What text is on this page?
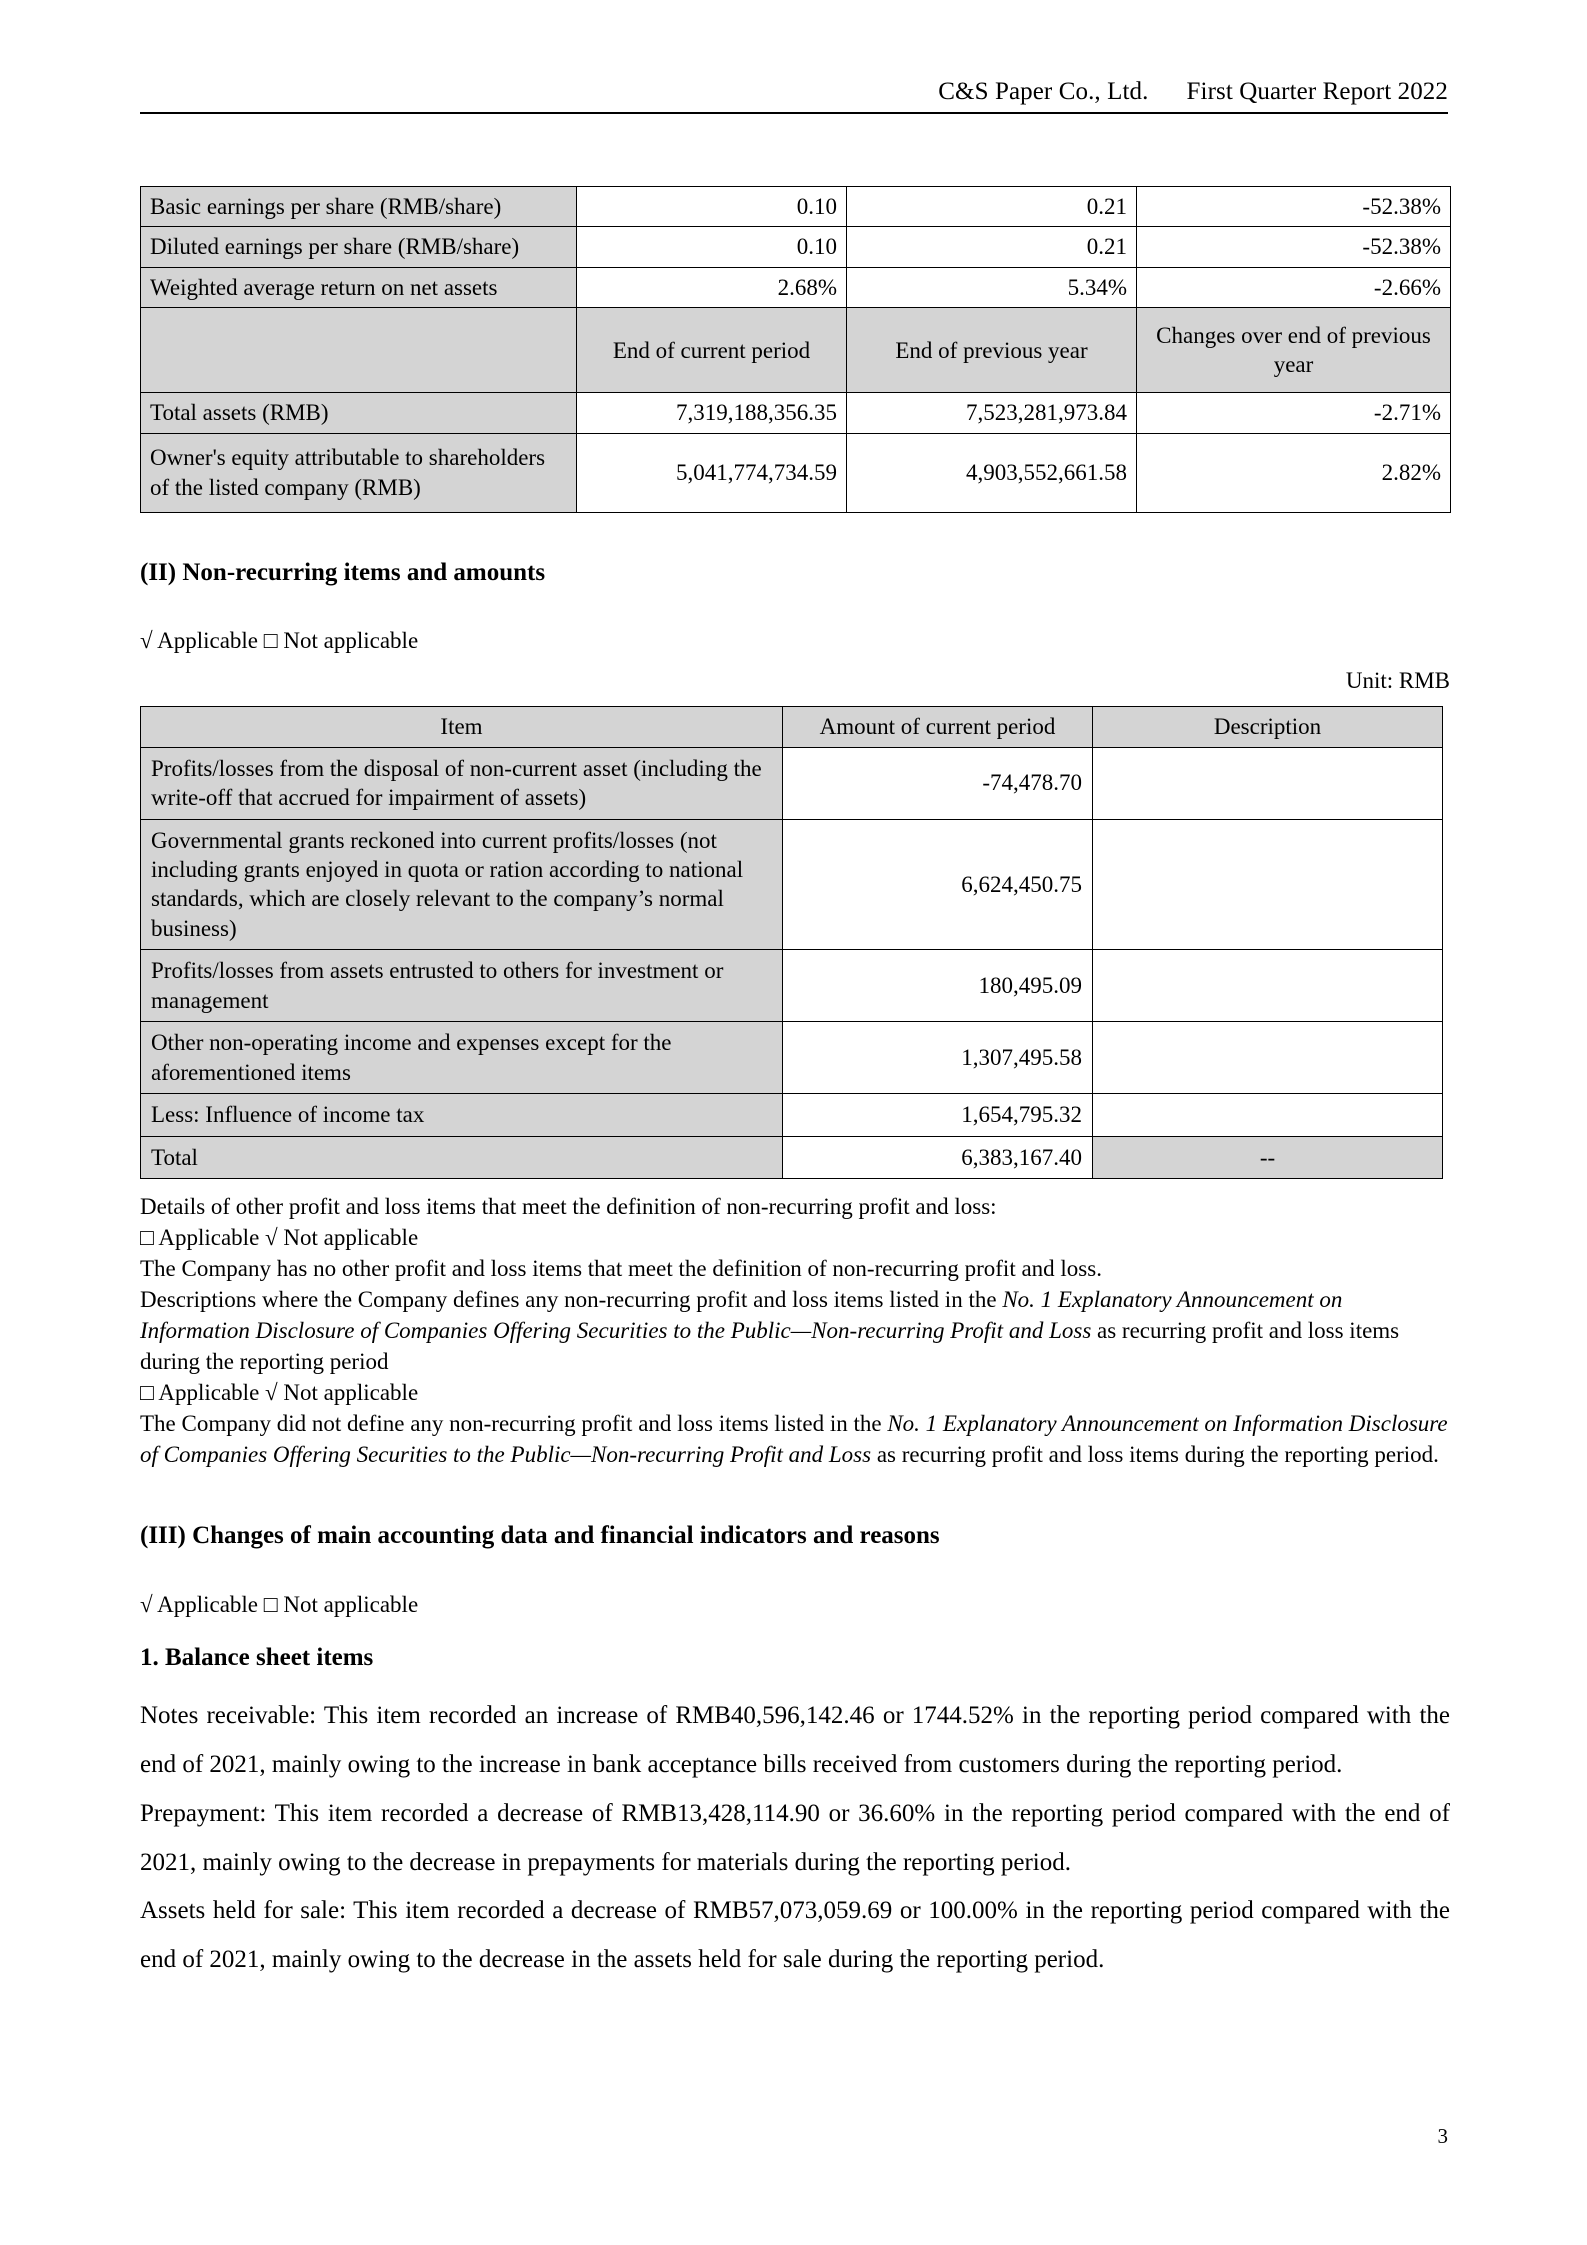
C&S Paper Co., Ltd. First Quarter Report 2022
Basic earnings per share (RMB/share)	0.10	0.21	-52.38%
Diluted earnings per share (RMB/share)	0.10	0.21	-52.38%
Weighted average return on net assets	2.68%	5.34%	-2.66%
	End of current period	End of previous year	Changes over end of previous year
Total assets (RMB)	7,319,188,356.35	7,523,281,973.84	-2.71%
Owner's equity attributable to shareholders of the listed company (RMB)	5,041,774,734.59	4,903,552,661.58	2.82%
(II) Non-recurring items and amounts

√ Applicable □ Not applicable

Unit: RMB

Item	Amount of current period	Description
Profits/losses from the disposal of non-current asset (including the write-off that accrued for impairment of assets)	-74,478.70	
Governmental grants reckoned into current profits/losses (not including grants enjoyed in quota or ration according to national standards, which are closely relevant to the company’s normal business)	6,624,450.75	
Profits/losses from assets entrusted to others for investment or management	180,495.09	
Other non-operating income and expenses except for the aforementioned items	1,307,495.58	
Less: Influence of income tax	1,654,795.32	
Total	6,383,167.40	--

Details of other profit and loss items that meet the definition of non-recurring profit and loss:

□ Applicable √ Not applicable

The Company has no other profit and loss items that meet the definition of non-recurring profit and loss.

Descriptions where the Company defines any non-recurring profit and loss items listed in the No. 1 Explanatory Announcement on Information Disclosure of Companies Offering Securities to the Public—Non-recurring Profit and Loss as recurring profit and loss items during the reporting period

□ Applicable √ Not applicable

The Company did not define any non-recurring profit and loss items listed in the No. 1 Explanatory Announcement on Information Disclosure of Companies Offering Securities to the Public—Non-recurring Profit and Loss as recurring profit and loss items during the reporting period.

(III) Changes of main accounting data and financial indicators and reasons

√ Applicable □ Not applicable

1. Balance sheet items

Notes receivable: This item recorded an increase of RMB40,596,142.46 or 1744.52% in the reporting period compared with the end of 2021, mainly owing to the increase in bank acceptance bills received from customers during the reporting period.

Prepayment: This item recorded a decrease of RMB13,428,114.90 or 36.60% in the reporting period compared with the end of 2021, mainly owing to the decrease in prepayments for materials during the reporting period.

Assets held for sale: This item recorded a decrease of RMB57,073,059.69 or 100.00% in the reporting period compared with the end of 2021, mainly owing to the decrease in the assets held for sale during the reporting period.

3
